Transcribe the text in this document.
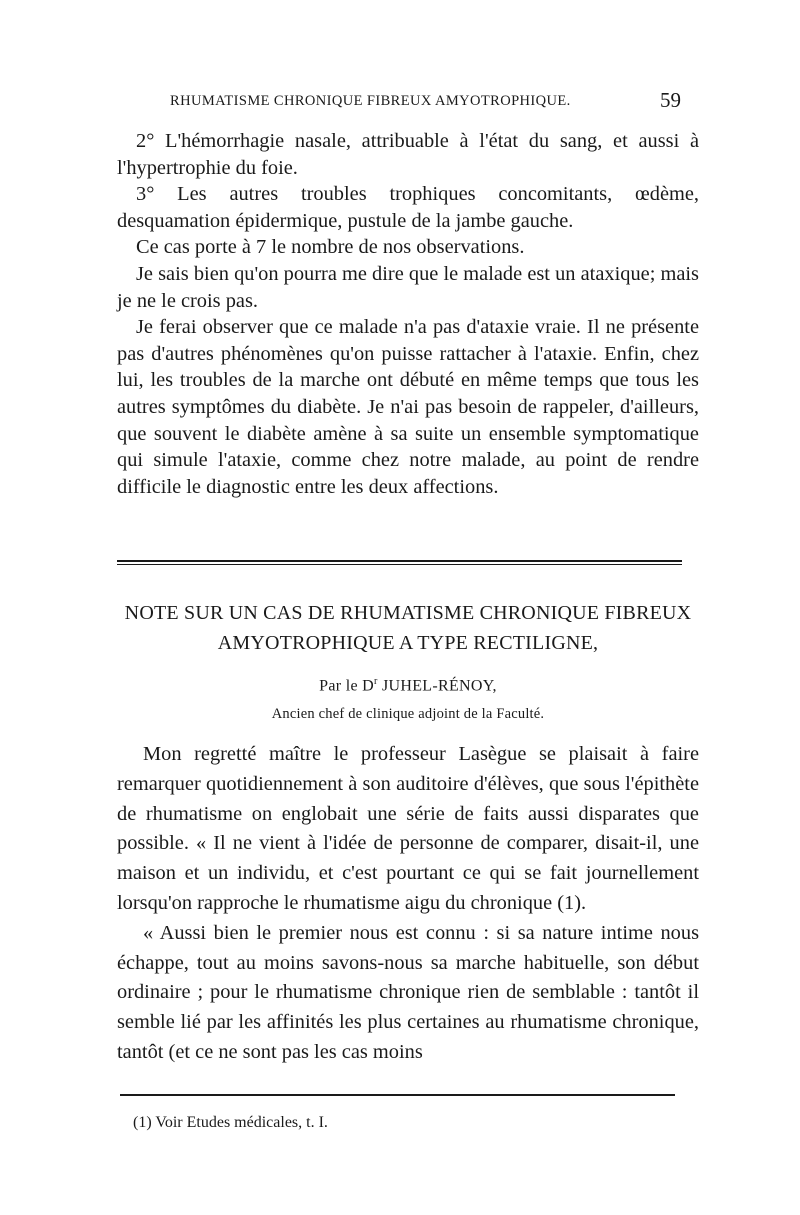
RHUMATISME CHRONIQUE FIBREUX AMYOTROPHIQUE.	59

2° L'hémorrhagie nasale, attribuable à l'état du sang, et aussi à l'hypertrophie du foie.

3° Les autres troubles trophiques concomitants, œdème, desquamation épidermique, pustule de la jambe gauche.

Ce cas porte à 7 le nombre de nos observations.

Je sais bien qu'on pourra me dire que le malade est un ataxique; mais je ne le crois pas.

Je ferai observer que ce malade n'a pas d'ataxie vraie. Il ne présente pas d'autres phénomènes qu'on puisse rattacher à l'ataxie. Enfin, chez lui, les troubles de la marche ont débuté en même temps que tous les autres symptômes du diabète. Je n'ai pas besoin de rappeler, d'ailleurs, que souvent le diabète amène à sa suite un ensemble symptomatique qui simule l'ataxie, comme chez notre malade, au point de rendre difficile le diagnostic entre les deux affections.

NOTE SUR UN CAS DE RHUMATISME CHRONIQUE FIBREUX
AMYOTROPHIQUE A TYPE RECTILIGNE,
Par le $D^r$ JUHEL-RÉNOY,
Ancien chef de clinique adjoint de la Faculté.

Mon regretté maître le professeur Lasègue se plaisait à faire remarquer quotidiennement à son auditoire d'élèves, que sous l'épithète de rhumatisme on englobait une série de faits aussi disparates que possible. « Il ne vient à l'idée de personne de comparer, disait-il, une maison et un individu, et c'est pourtant ce qui se fait journellement lorsqu'on rapproche le rhumatisme aigu du chronique (1).

« Aussi bien le premier nous est connu : si sa nature intime nous échappe, tout au moins savons-nous sa marche habituelle, son début ordinaire ; pour le rhumatisme chronique rien de semblable : tantôt il semble lié par les affinités les plus certaines au rhumatisme chronique, tantôt (et ce ne sont pas les cas moins

(1) Voir Etudes médicales, t. I.
